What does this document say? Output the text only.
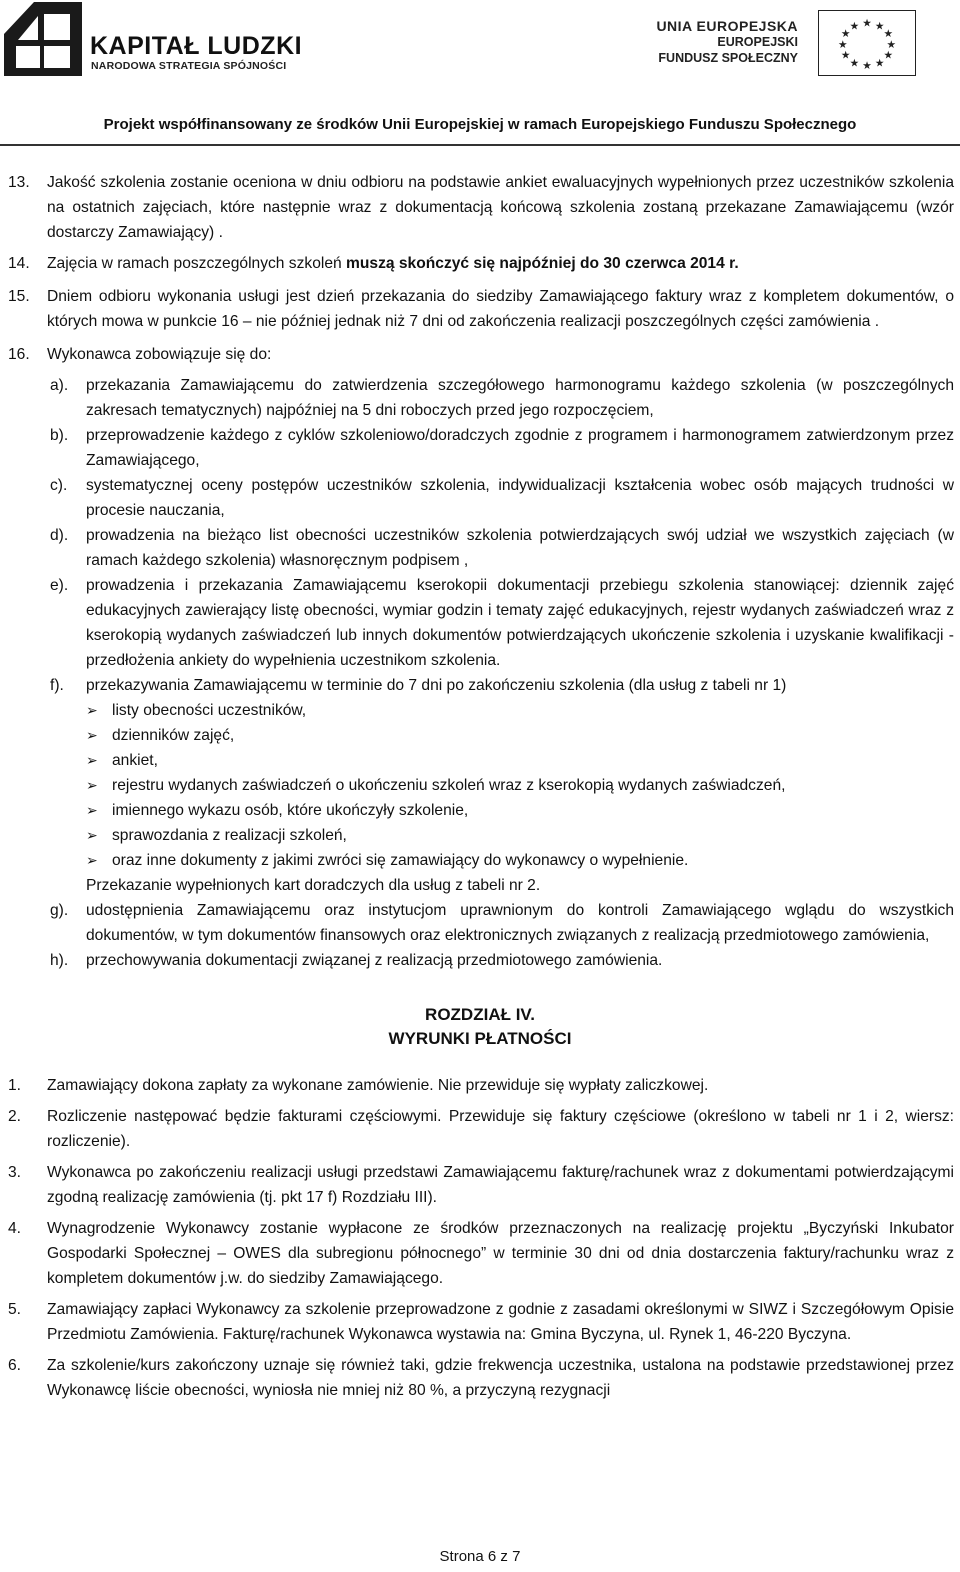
KAPITAŁ LUDZKI
NARODOWA STRATEGIA SPÓJNOŚCI
UNIA EUROPEJSKA
EUROPEJSKI
FUNDUSZ SPOŁECZNY
★ ★
★
★
★
★
★
★
★
★
★
★
Projekt współfinansowany ze środków Unii Europejskiej w ramach Europejskiego Funduszu Społecznego
13. Jakość szkolenia zostanie oceniona w dniu odbioru na podstawie ankiet ewaluacyjnych wypełnionych przez uczestników szkolenia na ostatnich zajęciach, które następnie wraz z dokumentacją końcową szkolenia zostaną przekazane Zamawiającemu (wzór dostarczy Zamawiający) .
14. Zajęcia w ramach poszczególnych szkoleń muszą skończyć się najpóźniej do 30 czerwca 2014 r.
15. Dniem odbioru wykonania usługi jest dzień przekazania do siedziby Zamawiającego faktury wraz z kompletem dokumentów, o których mowa w punkcie 16 – nie później jednak niż 7 dni od zakończenia realizacji poszczególnych części zamówienia .
16. Wykonawca zobowiązuje się do:
a). przekazania Zamawiającemu do zatwierdzenia szczegółowego harmonogramu każdego szkolenia (w poszczególnych zakresach tematycznych) najpóźniej na 5 dni roboczych przed jego rozpoczęciem,
b). przeprowadzenie każdego z cyklów szkoleniowo/doradczych zgodnie z programem i harmonogramem zatwierdzonym przez Zamawiającego,
c). systematycznej oceny postępów uczestników szkolenia, indywidualizacji kształcenia wobec osób mających trudności w procesie nauczania,
d). prowadzenia na bieżąco list obecności uczestników szkolenia potwierdzających swój udział we wszystkich zajęciach (w ramach każdego szkolenia) własnoręcznym podpisem ,
e). prowadzenia i przekazania Zamawiającemu kserokopii dokumentacji przebiegu szkolenia stanowiącej: dziennik zajęć edukacyjnych zawierający listę obecności, wymiar godzin i tematy zajęć edukacyjnych, rejestr wydanych zaświadczeń wraz z kserokopią wydanych zaświadczeń lub innych dokumentów potwierdzających ukończenie szkolenia i uzyskanie kwalifikacji - przedłożenia ankiety do wypełnienia uczestnikom szkolenia.
f). przekazywania Zamawiającemu w terminie do 7 dni po zakończeniu szkolenia (dla usług z tabeli nr 1)
➢ listy obecności uczestników,
➢ dzienników zajęć,
➢ ankiet,
➢ rejestru wydanych zaświadczeń o ukończeniu szkoleń wraz z kserokopią wydanych zaświadczeń,
➢ imiennego wykazu osób, które ukończyły szkolenie,
➢ sprawozdania z realizacji szkoleń,
➢ oraz inne dokumenty z jakimi zwróci się zamawiający do wykonawcy o wypełnienie.
Przekazanie wypełnionych kart doradczych dla usług z tabeli nr 2.
g). udostępnienia Zamawiającemu oraz instytucjom uprawnionym do kontroli Zamawiającego wglądu do wszystkich dokumentów, w tym dokumentów finansowych oraz elektronicznych związanych z realizacją przedmiotowego zamówienia,
h). przechowywania dokumentacji związanej z realizacją przedmiotowego zamówienia.
ROZDZIAŁ IV.
WYRUNKI PŁATNOŚCI
1. Zamawiający dokona zapłaty za wykonane zamówienie. Nie przewiduje się wypłaty zaliczkowej.
2. Rozliczenie następować będzie fakturami częściowymi. Przewiduje się faktury częściowe (określono w tabeli nr 1 i 2, wiersz: rozliczenie).
3. Wykonawca po zakończeniu realizacji usługi przedstawi Zamawiającemu fakturę/rachunek wraz z dokumentami potwierdzającymi zgodną realizację zamówienia (tj. pkt 17 f) Rozdziału III).
4. Wynagrodzenie Wykonawcy zostanie wypłacone ze środków przeznaczonych na realizację projektu „Byczyński Inkubator Gospodarki Społecznej – OWES dla subregionu północnego” w terminie 30 dni od dnia dostarczenia faktury/rachunku wraz z kompletem dokumentów j.w. do siedziby Zamawiającego.
5. Zamawiający zapłaci Wykonawcy za szkolenie przeprowadzone z godnie z zasadami określonymi w SIWZ i Szczegółowym Opisie Przedmiotu Zamówienia. Fakturę/rachunek Wykonawca wystawia na: Gmina Byczyna, ul. Rynek 1, 46-220 Byczyna.
6. Za szkolenie/kurs zakończony uznaje się również taki, gdzie frekwencja uczestnika, ustalona na podstawie przedstawionej przez Wykonawcę liście obecności, wyniosła nie mniej niż 80 %, a przyczyną rezygnacji
Strona 6 z 7
